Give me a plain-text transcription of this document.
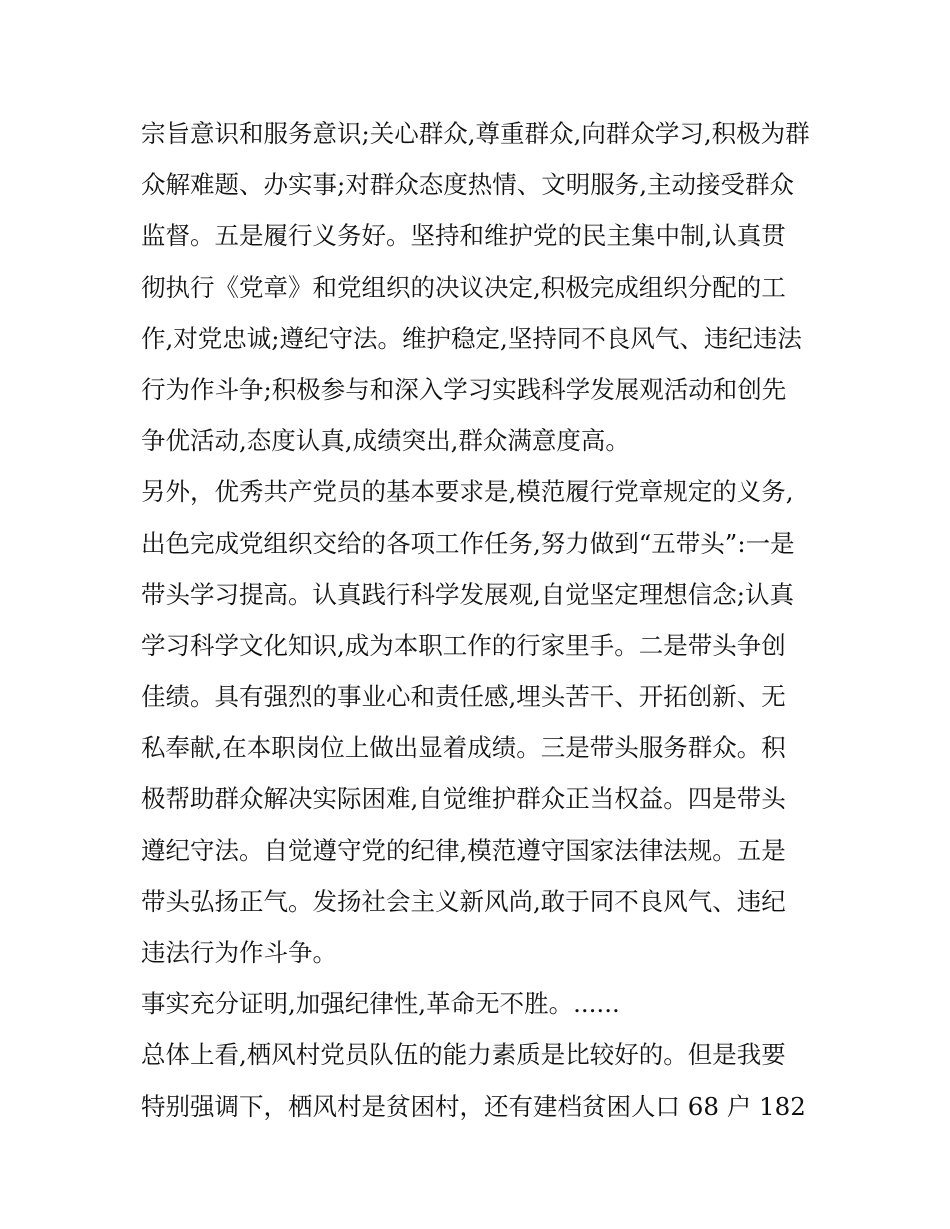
宗旨意识和服务意识;关心群众,尊重群众,向群众学习,积极为群
众解难题、办实事;对群众态度热情、文明服务,主动接受群众
监督。五是履行义务好。坚持和维护党的民主集中制,认真贯
彻执行《党章》和党组织的决议决定,积极完成组织分配的工
作,对党忠诚;遵纪守法。维护稳定,坚持同不良风气、违纪违法
行为作斗争;积极参与和深入学习实践科学发展观活动和创先
争优活动,态度认真,成绩突出,群众满意度高。
另外，优秀共产党员的基本要求是,模范履行党章规定的义务,
出色完成党组织交给的各项工作任务,努力做到“五带头”:一是
带头学习提高。认真践行科学发展观,自觉坚定理想信念;认真
学习科学文化知识,成为本职工作的行家里手。二是带头争创
佳绩。具有强烈的事业心和责任感,埋头苦干、开拓创新、无
私奉献,在本职岗位上做出显着成绩。三是带头服务群众。积
极帮助群众解决实际困难,自觉维护群众正当权益。四是带头
遵纪守法。自觉遵守党的纪律,模范遵守国家法律法规。五是
带头弘扬正气。发扬社会主义新风尚,敢于同不良风气、违纪
违法行为作斗争。
事实充分证明,加强纪律性,革命无不胜。......
总体上看,栖风村党员队伍的能力素质是比较好的。但是我要
特别强调下，栖风村是贫困村，还有建档贫困人口 68 户 182
